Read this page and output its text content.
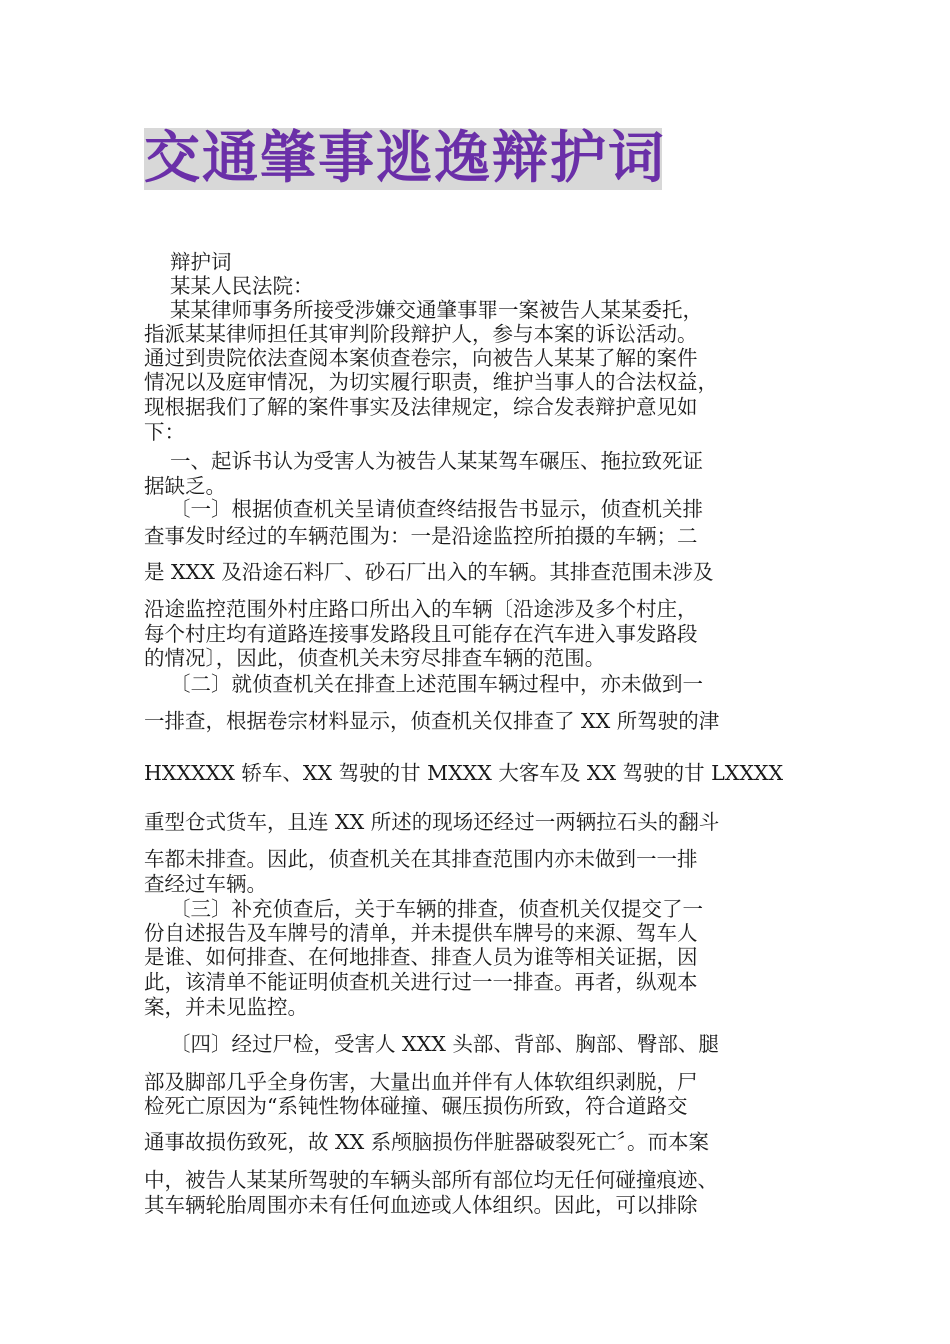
交通肇事逃逸辩护词
辩护词
某某人民法院：
某某律师事务所接受涉嫌交通肇事罪一案被告人某某委托，
指派某某律师担任其审判阶段辩护人，参与本案的诉讼活动。
通过到贵院依法查阅本案侦查卷宗，向被告人某某了解的案件
情况以及庭审情况，为切实履行职责，维护当事人的合法权益，
现根据我们了解的案件事实及法律规定，综合发表辩护意见如
下：
一、起诉书认为受害人为被告人某某驾车碾压、拖拉致死证
据缺乏。
〔一〕根据侦查机关呈请侦查终结报告书显示，侦查机关排
查事发时经过的车辆范围为：一是沿途监控所拍摄的车辆；二
是 XXX 及沿途石料厂、砂石厂出入的车辆。其排查范围未涉及
沿途监控范围外村庄路口所出入的车辆〔沿途涉及多个村庄，
每个村庄均有道路连接事发路段且可能存在汽车进入事发路段
的情况〕，因此，侦查机关未穷尽排查车辆的范围。
〔二〕就侦查机关在排查上述范围车辆过程中，亦未做到一
一排查，根据卷宗材料显示，侦查机关仅排查了 XX 所驾驶的津
HXXXXX 轿车、XX 驾驶的甘 MXXX 大客车及 XX 驾驶的甘 LXXXX
重型仓式货车，且连 XX 所述的现场还经过一两辆拉石头的翻斗
车都未排查。因此，侦查机关在其排查范围内亦未做到一一排
查经过车辆。
〔三〕补充侦查后，关于车辆的排查，侦查机关仅提交了一
份自述报告及车牌号的清单，并未提供车牌号的来源、驾车人
是谁、如何排查、在何地排查、排查人员为谁等相关证据，因
此，该清单不能证明侦查机关进行过一一排查。再者，纵观本
案，并未见监控。
〔四〕经过尸检，受害人 XXX 头部、背部、胸部、臀部、腿
部及脚部几乎全身伤害，大量出血并伴有人体软组织剥脱，尸
检死亡原因为“系钝性物体碰撞、碾压损伤所致，符合道路交
通事故损伤致死，故 XX 系颅脑损伤伴脏器破裂死亡〞。而本案
中，被告人某某所驾驶的车辆头部所有部位均无任何碰撞痕迹、
其车辆轮胎周围亦未有任何血迹或人体组织。因此，可以排除
